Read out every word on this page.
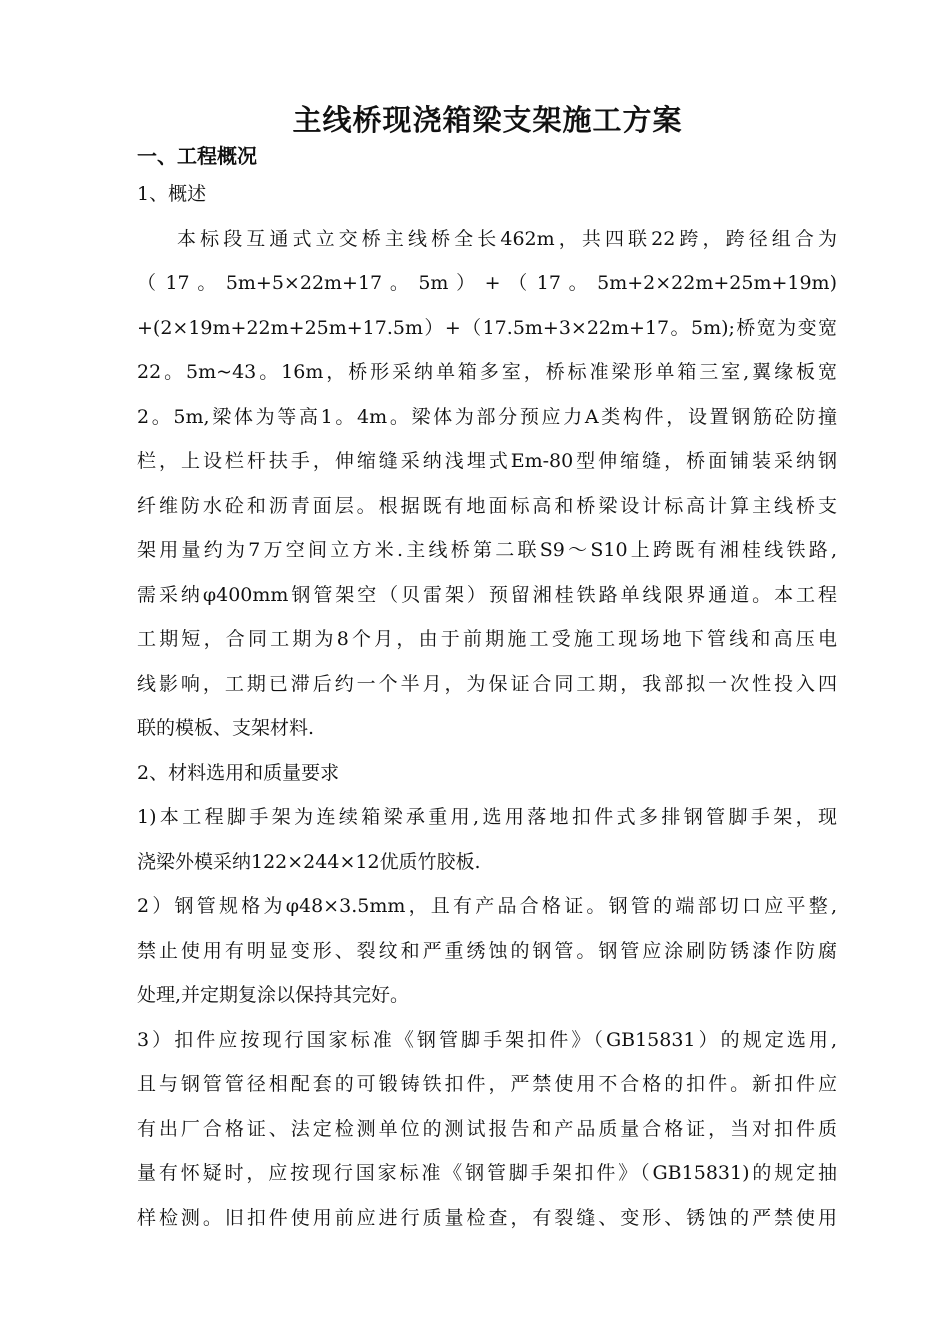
主线桥现浇箱梁支架施工方案
一、工程概况
1、概述
本标段互通式立交桥主线桥全长462m，共四联22跨，跨径组合为
（ 17 。 5m+5×22m+17 。 5m ） + （ 17 。 5m+2×22m+25m+19m)
+(2×19m+22m+25m+17.5m）+（17.5m+3×22m+17。5m);桥宽为变宽
22。5m~43。16m，桥形采纳单箱多室，桥标准梁形单箱三室,翼缘板宽
2。5m,梁体为等高1。4m。梁体为部分预应力A类构件，设置钢筋砼防撞
栏，上设栏杆扶手，伸缩缝采纳浅埋式Em-80型伸缩缝，桥面铺装采纳钢
纤维防水砼和沥青面层。根据既有地面标高和桥梁设计标高计算主线桥支
架用量约为7万空间立方米.主线桥第二联S9～S10上跨既有湘桂线铁路,
需采纳φ400mm钢管架空（贝雷架）预留湘桂铁路单线限界通道。本工程
工期短，合同工期为8个月，由于前期施工受施工现场地下管线和高压电
线影响，工期已滞后约一个半月，为保证合同工期，我部拟一次性投入四
联的模板、支架材料.
2、材料选用和质量要求
1)本工程脚手架为连续箱梁承重用,选用落地扣件式多排钢管脚手架，现
浇梁外模采纳122×244×12优质竹胶板.
2）钢管规格为φ48×3.5mm，且有产品合格证。钢管的端部切口应平整,
禁止使用有明显变形、裂纹和严重绣蚀的钢管。钢管应涂刷防锈漆作防腐
处理,并定期复涂以保持其完好。
3）扣件应按现行国家标准《钢管脚手架扣件》（GB15831）的规定选用,
且与钢管管径相配套的可锻铸铁扣件，严禁使用不合格的扣件。新扣件应
有出厂合格证、法定检测单位的测试报告和产品质量合格证，当对扣件质
量有怀疑时，应按现行国家标准《钢管脚手架扣件》（GB15831)的规定抽
样检测。旧扣件使用前应进行质量检查，有裂缝、变形、锈蚀的严禁使用
